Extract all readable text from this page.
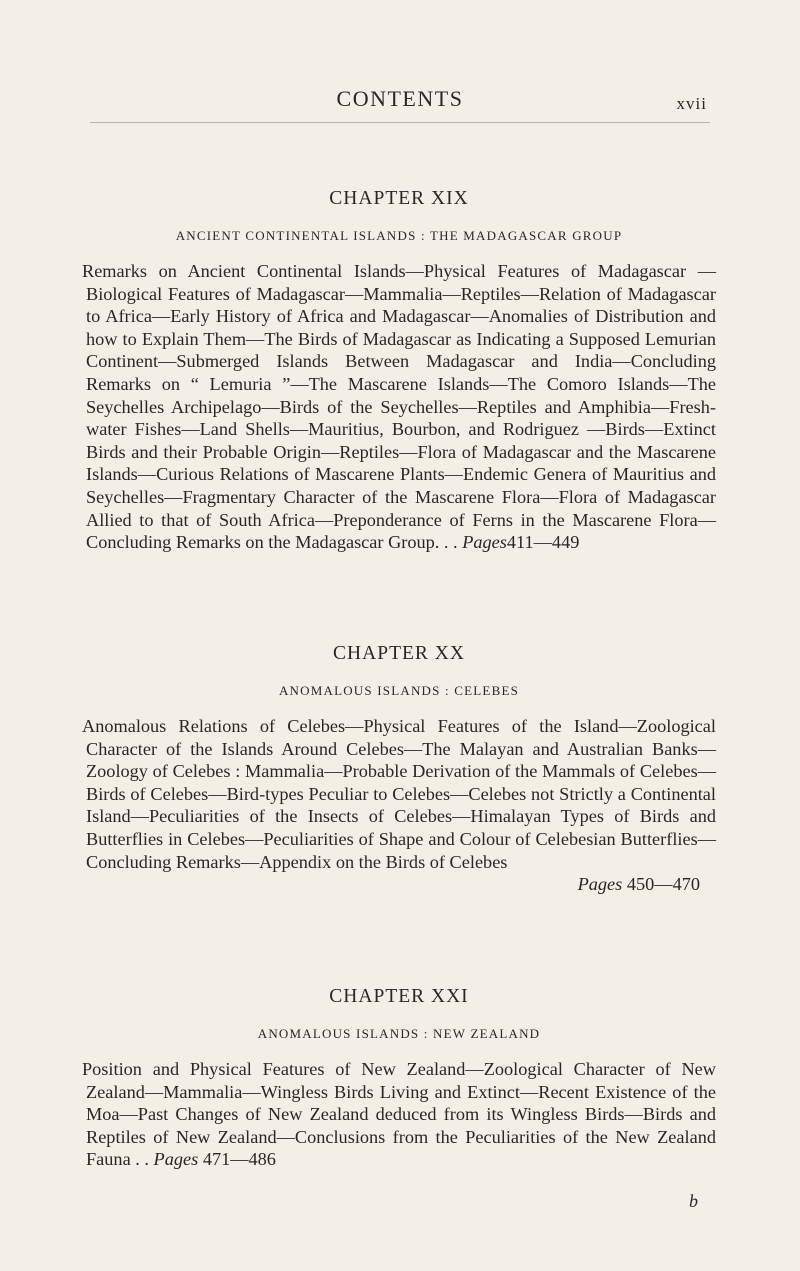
CONTENTS	xvii
CHAPTER XIX
ANCIENT CONTINENTAL ISLANDS : THE MADAGASCAR GROUP

Remarks on Ancient Continental Islands—Physical Features of Madagascar —Biological Features of Madagascar—Mammalia—Reptiles—Relation of Madagascar to Africa—Early History of Africa and Madagascar—Anomalies of Distribution and how to Explain Them—The Birds of Madagascar as Indicating a Supposed Lemurian Continent—Submerged Islands Between Madagascar and India—Concluding Remarks on “ Lemuria ”—The Mascarene Islands—The Comoro Islands—The Seychelles Archipelago—Birds of the Seychelles—Reptiles and Amphibia—Fresh-water Fishes—Land Shells—Mauritius, Bourbon, and Rodriguez —Birds—Extinct Birds and their Probable Origin—Reptiles—Flora of Madagascar and the Mascarene Islands—Curious Relations of Mascarene Plants—Endemic Genera of Mauritius and Seychelles—Fragmentary Character of the Mascarene Flora—Flora of Madagascar Allied to that of South Africa—Preponderance of Ferns in the Mascarene Flora—Concluding Remarks on the Madagascar Group. . . Pages411—449

CHAPTER XX
ANOMALOUS ISLANDS : CELEBES

Anomalous Relations of Celebes—Physical Features of the Island—Zoological Character of the Islands Around Celebes—The Malayan and Australian Banks—Zoology of Celebes : Mammalia—Probable Derivation of the Mammals of Celebes—Birds of Celebes—Bird-types Peculiar to Celebes—Celebes not Strictly a Continental Island—Peculiarities of the Insects of Celebes—Himalayan Types of Birds and Butterflies in Celebes—Peculiarities of Shape and Colour of Celebesian Butterflies—Concluding Remarks—Appendix on the Birds of Celebes
Pages 450—470

CHAPTER XXI
ANOMALOUS ISLANDS : NEW ZEALAND

Position and Physical Features of New Zealand—Zoological Character of New Zealand—Mammalia—Wingless Birds Living and Extinct—Recent Existence of the Moa—Past Changes of New Zealand deduced from its Wingless Birds—Birds and Reptiles of New Zealand—Conclusions from the Peculiarities of the New Zealand Fauna . . Pages 471—486

b
